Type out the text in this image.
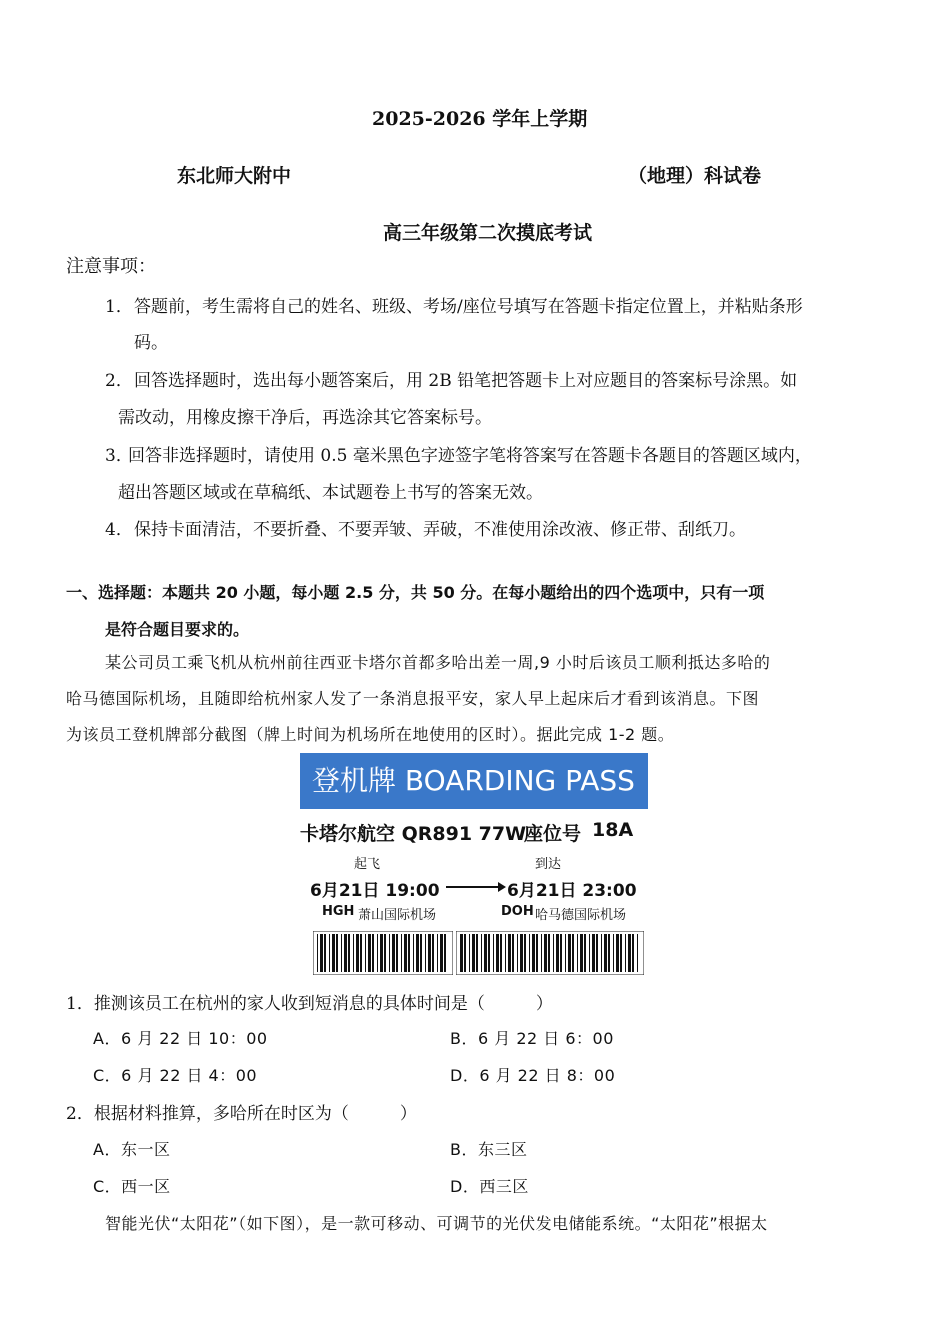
2025-2026 学年上学期
东北师大附中	（地理）科试卷
高三年级第二次摸底考试
注意事项：
1． 答题前，考生需将自己的姓名、班级、考场/座位号填写在答题卡指定位置上，并粘贴条形
码。
2． 回答选择题时，选出每小题答案后，用 2B 铅笔把答题卡上对应题目的答案标号涂黑。如
需改动，用橡皮擦干净后，再选涂其它答案标号。
3．
回答非选择题时，请使用 0.5 毫米黑色字迹签字笔将答案写在答题卡各题目的答题区域内，
超出答题区域或在草稿纸、本试题卷上书写的答案无效。
4． 保持卡面清洁，不要折叠、不要弄皱、弄破，不准使用涂改液、修正带、刮纸刀。
一、选择题：本题共 20 小题，每小题 2.5 分，共 50 分。在每小题给出的四个选项中，只有一项
是符合题目要求的。
某公司员工乘飞机从杭州前往西亚卡塔尔首都多哈出差一周,9 小时后该员工顺利抵达多哈的
哈马德国际机场，且随即给杭州家人发了一条消息报平安，家人早上起床后才看到该消息。下图
为该员工登机牌部分截图（牌上时间为机场所在地使用的区时）。据此完成 1-2 题。
登机牌 BOARDING PASS
卡塔尔航空 QR891 77W
座位号 18A
起飞	到达
6月21日 19:00	6月21日 23:00
HGH 萧山国际机场	DOH 哈马德国际机场
1．推测该员工在杭州的家人收到短消息的具体时间是（　　　）
A．6 月 22 日 10：00	B．6 月 22 日 6：00
C．6 月 22 日 4：00	D．6 月 22 日 8：00
2．根据材料推算，多哈所在时区为（　　　）
A．东一区	B．东三区
C．西一区	D．西三区
智能光伏“太阳花”（如下图），是一款可移动、可调节的光伏发电储能系统。“太阳花”根据太
